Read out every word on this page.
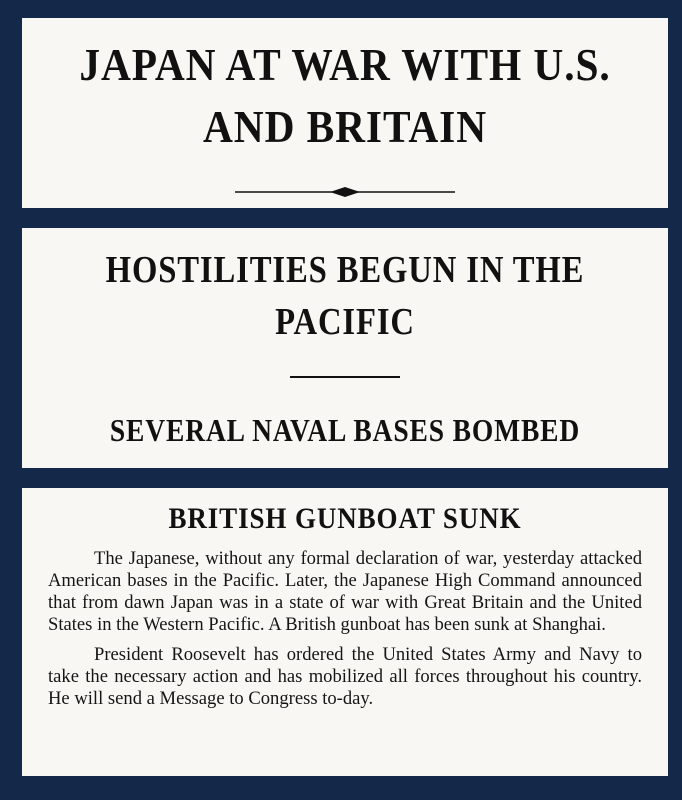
JAPAN AT WAR WITH U.S.
AND BRITAIN
HOSTILITIES BEGUN IN THE
PACIFIC
SEVERAL NAVAL BASES BOMBED
BRITISH GUNBOAT SUNK

The Japanese, without any formal declaration of war, yesterday attacked American bases in the Pacific. Later, the Japanese High Command announced that from dawn Japan was in a state of war with Great Britain and the United States in the Western Pacific. A British gunboat has been sunk at Shanghai.

President Roosevelt has ordered the United States Army and Navy to take the necessary action and has mobilized all forces throughout his country. He will send a Message to Congress to-day.
